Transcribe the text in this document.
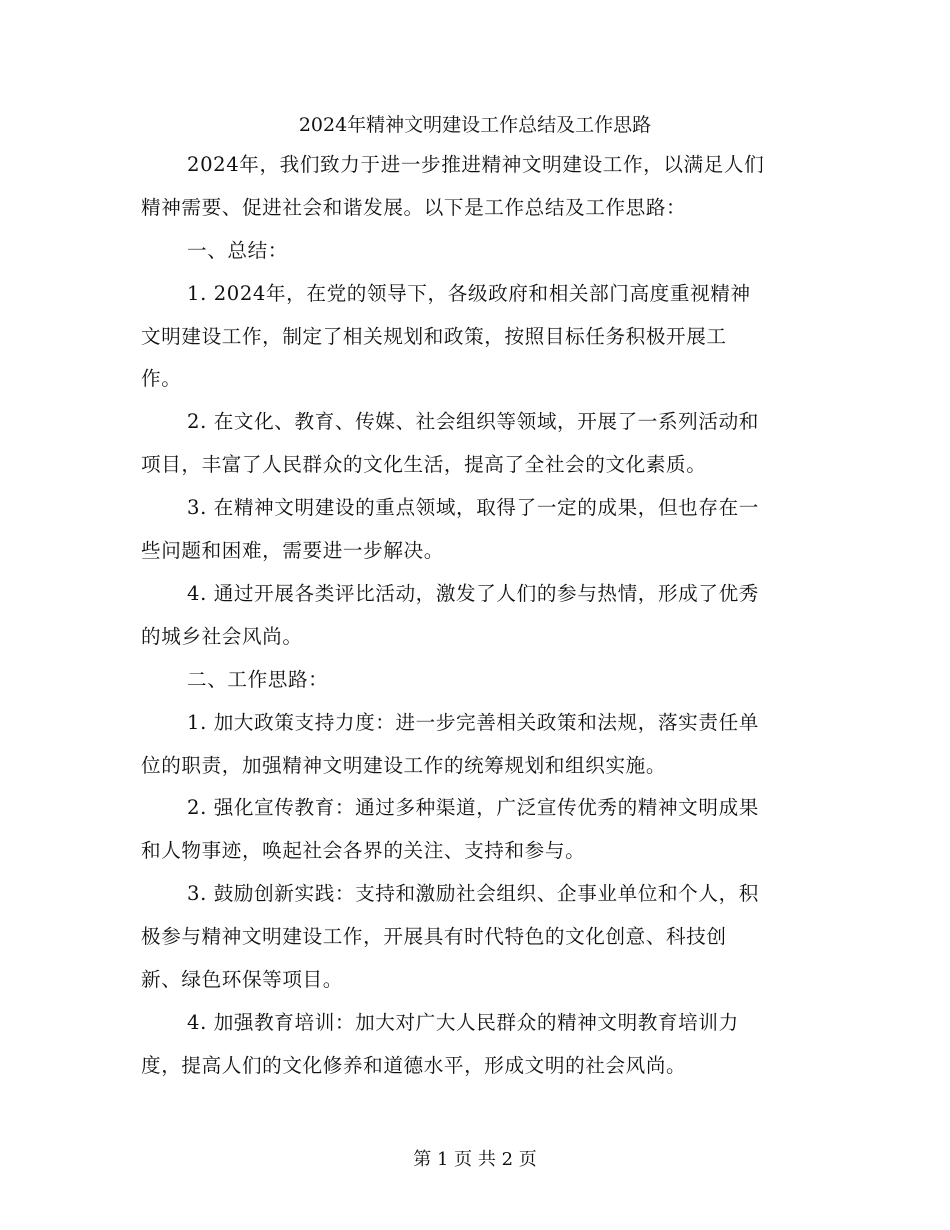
2024年精神文明建设工作总结及工作思路
2024年，我们致力于进一步推进精神文明建设工作，以满足人们
精神需要、促进社会和谐发展。以下是工作总结及工作思路：
一、总结：
1. 2024年，在党的领导下，各级政府和相关部门高度重视精神
文明建设工作，制定了相关规划和政策，按照目标任务积极开展工
作。
2. 在文化、教育、传媒、社会组织等领域，开展了一系列活动和
项目，丰富了人民群众的文化生活，提高了全社会的文化素质。
3. 在精神文明建设的重点领域，取得了一定的成果，但也存在一
些问题和困难，需要进一步解决。
4. 通过开展各类评比活动，激发了人们的参与热情，形成了优秀
的城乡社会风尚。
二、工作思路：
1. 加大政策支持力度：进一步完善相关政策和法规，落实责任单
位的职责，加强精神文明建设工作的统筹规划和组织实施。
2. 强化宣传教育：通过多种渠道，广泛宣传优秀的精神文明成果
和人物事迹，唤起社会各界的关注、支持和参与。
3. 鼓励创新实践：支持和激励社会组织、企事业单位和个人，积
极参与精神文明建设工作，开展具有时代特色的文化创意、科技创
新、绿色环保等项目。
4. 加强教育培训：加大对广大人民群众的精神文明教育培训力
度，提高人们的文化修养和道德水平，形成文明的社会风尚。
第 1 页 共 2 页
